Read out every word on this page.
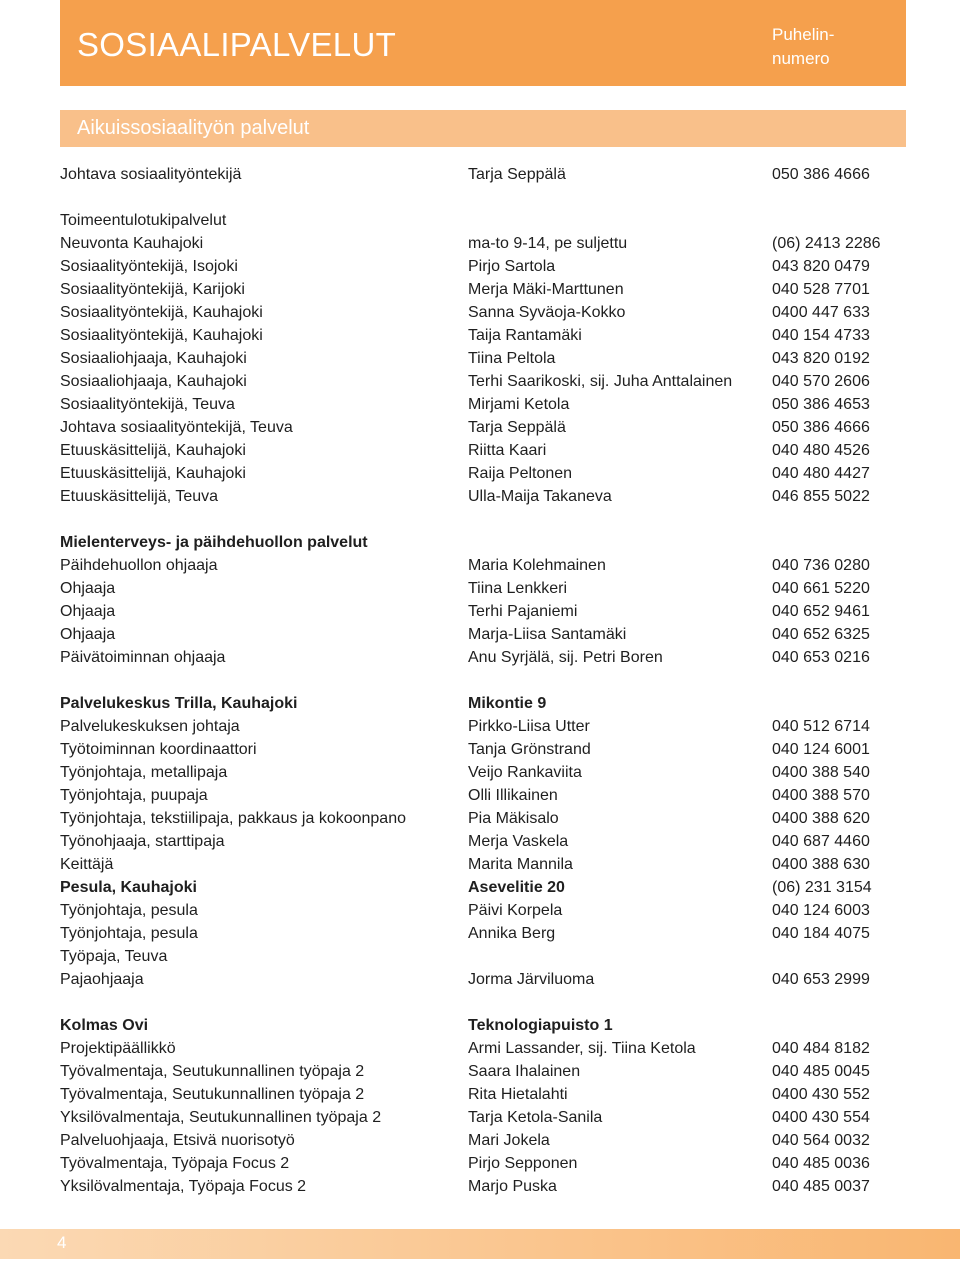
SOSIAALIPALVELUT	Puhelin-
numero
Aikuissosiaalityön palvelut
Johtava sosiaalityöntekijä	Tarja Seppälä	050 386 4666
Toimeentulotukipalvelut
Neuvonta Kauhajoki	ma-to 9-14, pe suljettu	(06) 2413 2286
Sosiaalityöntekijä, Isojoki	Pirjo Sartola	043 820 0479
Sosiaalityöntekijä, Karijoki	Merja Mäki-Marttunen	040 528 7701
Sosiaalityöntekijä, Kauhajoki	Sanna Syväoja-Kokko	0400 447 633
Sosiaalityöntekijä, Kauhajoki	Taija Rantamäki	040 154 4733
Sosiaaliohjaaja, Kauhajoki	Tiina Peltola	043 820 0192
Sosiaaliohjaaja, Kauhajoki	Terhi Saarikoski, sij. Juha Anttalainen 040 570 2606
Sosiaalityöntekijä, Teuva	Mirjami Ketola	050 386 4653
Johtava sosiaalityöntekijä, Teuva	Tarja Seppälä	050 386 4666
Etuuskäsittelijä, Kauhajoki	Riitta Kaari	040 480 4526
Etuuskäsittelijä, Kauhajoki	Raija Peltonen	040 480 4427
Etuuskäsittelijä, Teuva	Ulla-Maija Takaneva	046 855 5022
Mielenterveys- ja päihdehuollon palvelut
Päihdehuollon ohjaaja	Maria Kolehmainen	040 736 0280
Ohjaaja	Tiina Lenkkeri	040 661 5220
Ohjaaja	Terhi Pajaniemi	040 652 9461
Ohjaaja	Marja-Liisa Santamäki	040 652 6325
Päivätoiminnan ohjaaja	Anu Syrjälä, sij. Petri Boren	040 653 0216
Palvelukeskus Trilla, Kauhajoki	Mikontie 9
Palvelukeskuksen johtaja	Pirkko-Liisa Utter	040 512 6714
Työtoiminnan koordinaattori	Tanja Grönstrand	040 124 6001
Työnjohtaja, metallipaja	Veijo Rankaviita	0400 388 540
Työnjohtaja, puupaja	Olli Illikainen	0400 388 570
Työnjohtaja, tekstiilipaja, pakkaus ja kokoonpano	Pia Mäkisalo	0400 388 620
Työnohjaaja, starttipaja	Merja Vaskela	040 687 4460
Keittäjä	Marita Mannila	0400 388 630
Pesula, Kauhajoki	Asevelitie 20	(06) 231 3154
Työnjohtaja, pesula	Päivi Korpela	040 124 6003
Työnjohtaja, pesula	Annika Berg	040 184 4075
Työpaja, Teuva
Pajaohjaaja	Jorma Järviluoma	040 653 2999
Kolmas Ovi	Teknologiapuisto 1
Projektipäällikkö	Armi Lassander, sij. Tiina Ketola	040 484 8182
Työvalmentaja, Seutukunnallinen työpaja 2	Saara Ihalainen	040 485 0045
Työvalmentaja, Seutukunnallinen työpaja 2	Rita Hietalahti	0400 430 552
Yksilövalmentaja, Seutukunnallinen työpaja 2	Tarja Ketola-Sanila	0400 430 554
Palveluohjaaja, Etsivä nuorisotyö	Mari Jokela	040 564 0032
Työvalmentaja, Työpaja Focus 2	Pirjo Sepponen	040 485 0036
Yksilövalmentaja, Työpaja Focus 2	Marjo Puska	040 485 0037
4
